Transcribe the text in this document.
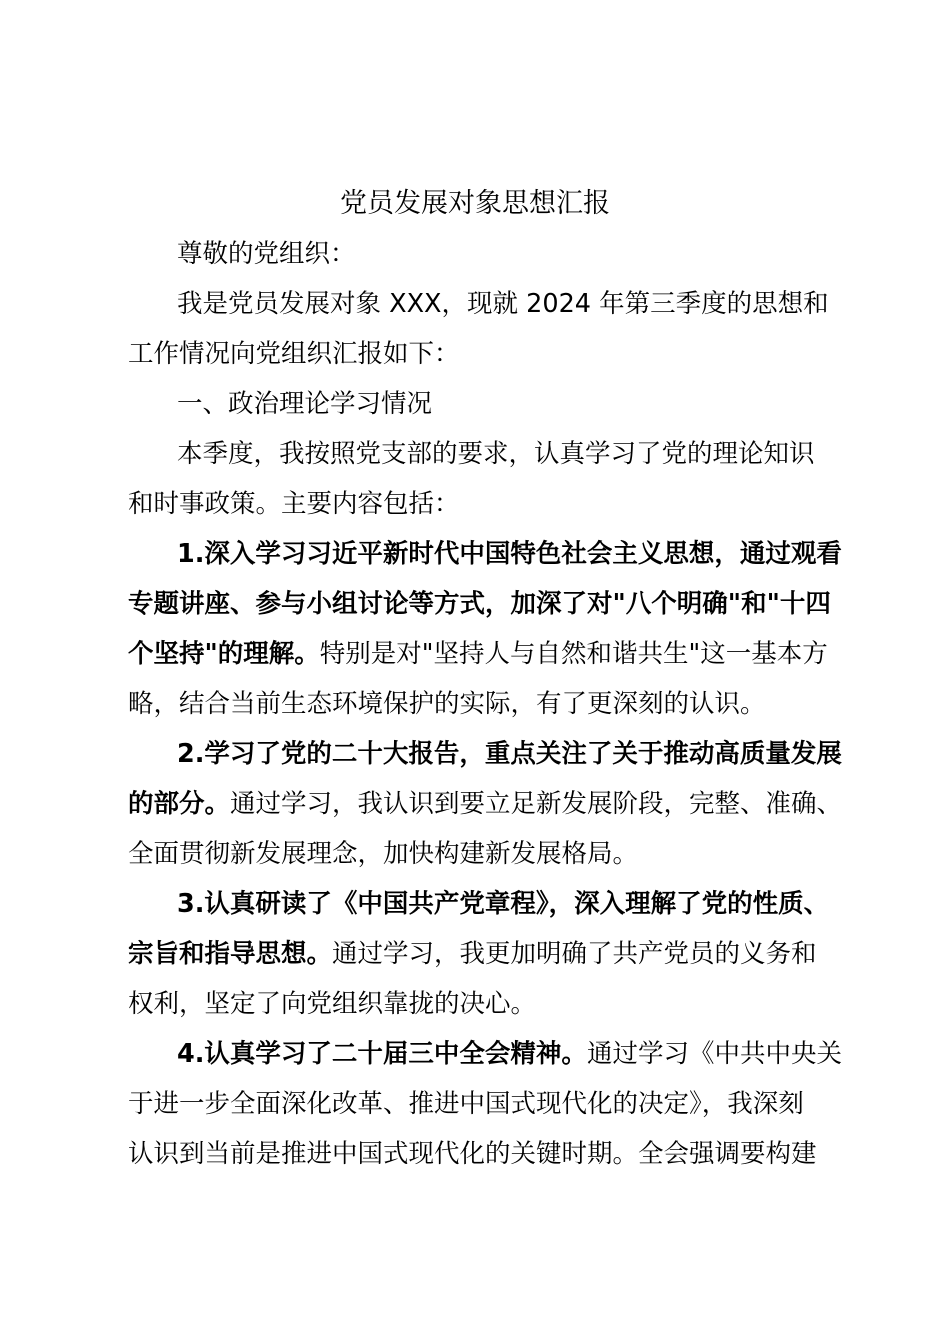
党员发展对象思想汇报
尊敬的党组织：
我是党员发展对象 XXX，现就 2024 年第三季度的思想和
工作情况向党组织汇报如下：
一、政治理论学习情况
本季度，我按照党支部的要求，认真学习了党的理论知识
和时事政策。主要内容包括：
1.深入学习习近平新时代中国特色社会主义思想，通过观看
专题讲座、参与小组讨论等方式，加深了对"八个明确"和"十四
个坚持"的理解。特别是对"坚持人与自然和谐共生"这一基本方
略，结合当前生态环境保护的实际，有了更深刻的认识。
2.学习了党的二十大报告，重点关注了关于推动高质量发展
的部分。通过学习，我认识到要立足新发展阶段，完整、准确、
全面贯彻新发展理念，加快构建新发展格局。
3.认真研读了《中国共产党章程》，深入理解了党的性质、
宗旨和指导思想。通过学习，我更加明确了共产党员的义务和
权利，坚定了向党组织靠拢的决心。
4.认真学习了二十届三中全会精神。通过学习《中共中央关
于进一步全面深化改革、推进中国式现代化的决定》，我深刻
认识到当前是推进中国式现代化的关键时期。全会强调要构建
